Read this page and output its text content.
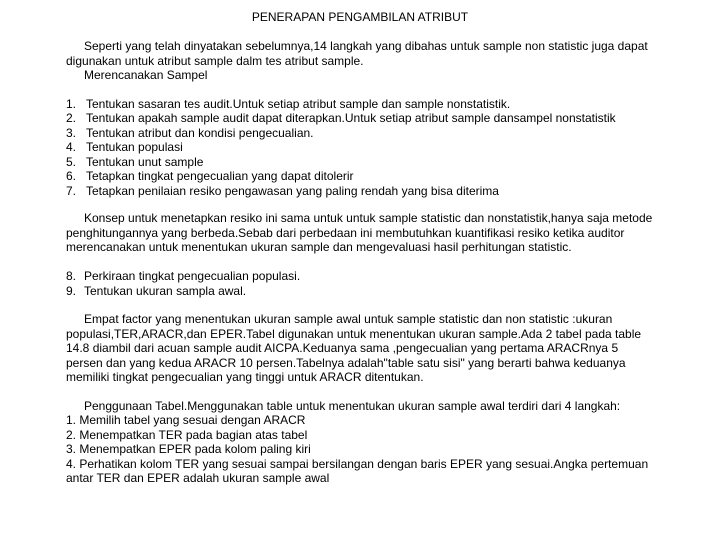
PENERAPAN PENGAMBILAN ATRIBUT
Seperti yang telah dinyatakan sebelumnya,14 langkah yang dibahas untuk sample non statistic juga dapat
digunakan untuk atribut sample dalm tes atribut sample.
Merencanakan Sampel
1. Tentukan sasaran tes audit.Untuk setiap atribut sample dan sample nonstatistik.
2. Tentukan apakah sample audit dapat diterapkan.Untuk setiap atribut sample dansampel nonstatistik
3. Tentukan atribut dan kondisi pengecualian.
4. Tentukan populasi
5. Tentukan unut sample
6. Tetapkan tingkat pengecualian yang dapat ditolerir
7. Tetapkan penilaian resiko pengawasan yang paling rendah yang bisa diterima
Konsep untuk menetapkan resiko ini sama untuk untuk sample statistic dan nonstatistik,hanya saja metode
penghitungannya yang berbeda.Sebab dari perbedaan ini membutuhkan kuantifikasi resiko ketika auditor
merencanakan untuk menentukan ukuran sample dan mengevaluasi hasil perhitungan statistic.
8. Perkiraan tingkat pengecualian populasi.
9. Tentukan ukuran sampla awal.
Empat factor yang menentukan ukuran sample awal untuk sample statistic dan non statistic :ukuran
populasi,TER,ARACR,dan EPER.Tabel digunakan untuk menentukan ukuran sample.Ada 2 tabel pada table
14.8 diambil dari acuan sample audit AICPA.Keduanya sama ,pengecualian yang pertama ARACRnya 5
persen dan yang kedua ARACR 10 persen.Tabelnya adalah"table satu sisi" yang berarti bahwa keduanya
memiliki tingkat pengecualian yang tinggi untuk ARACR ditentukan.
Penggunaan Tabel.Menggunakan table untuk menentukan ukuran sample awal terdiri dari 4 langkah:
1. Memilih tabel yang sesuai dengan ARACR
2. Menempatkan TER pada bagian atas tabel
3. Menempatkan EPER pada kolom paling kiri
4. Perhatikan kolom TER yang sesuai sampai bersilangan dengan baris EPER yang sesuai.Angka pertemuan
antar TER dan EPER adalah ukuran sample awal
